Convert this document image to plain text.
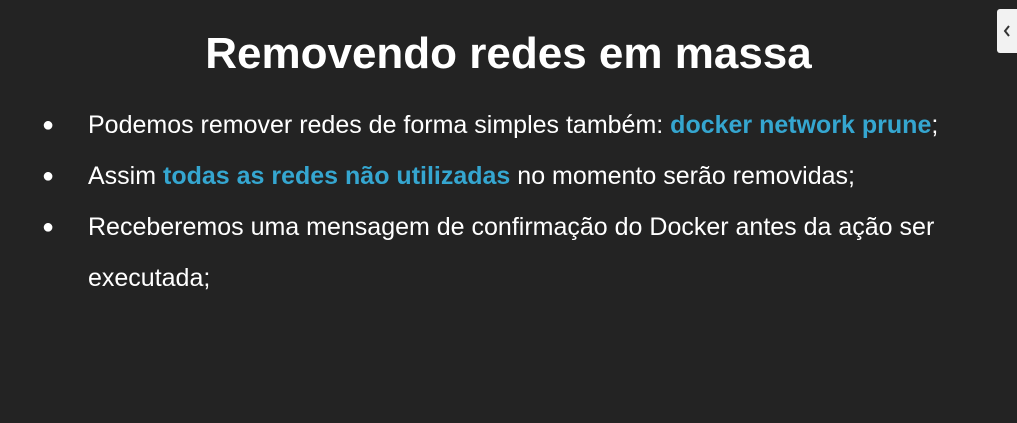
Removendo redes em massa
● Podemos remover redes de forma simples também: docker network prune;
● Assim todas as redes não utilizadas no momento serão removidas;
● Receberemos uma mensagem de confirmação do Docker antes da ação ser executada;
